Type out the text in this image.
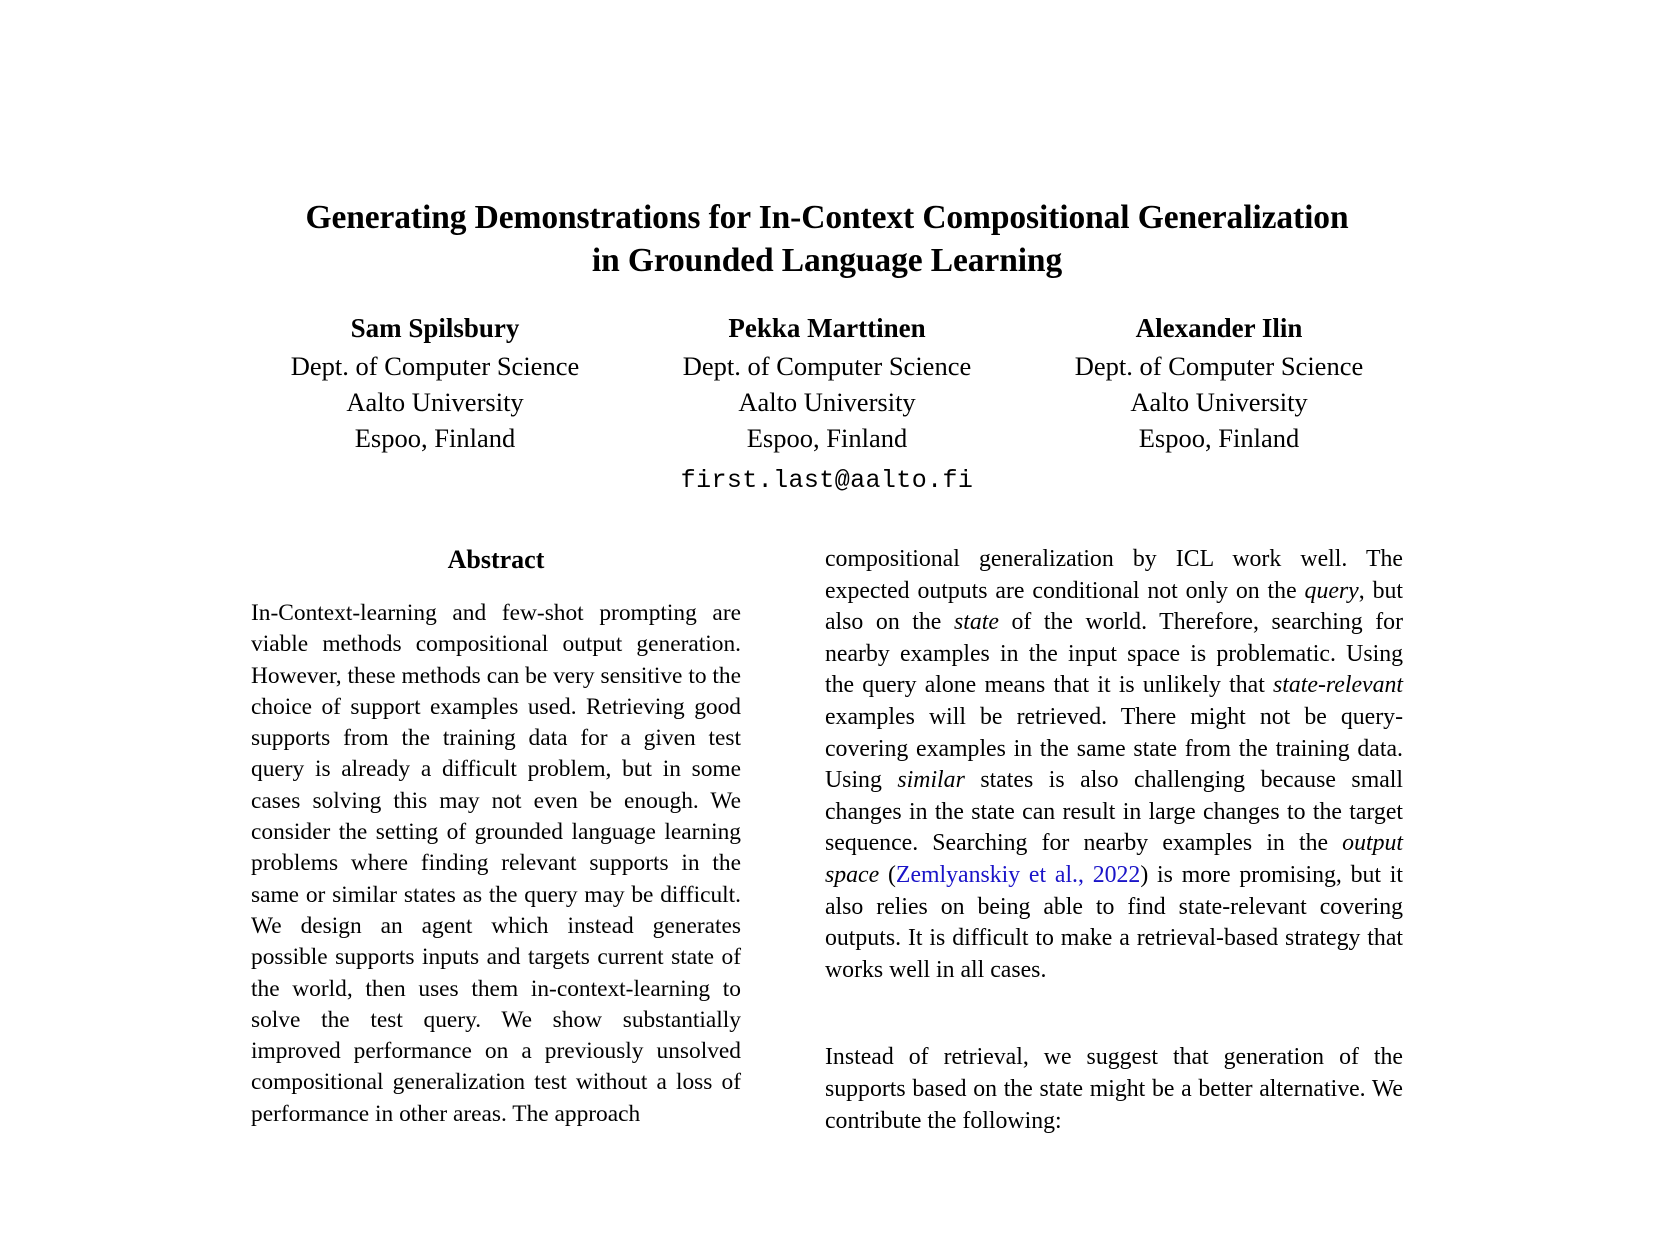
Generating Demonstrations for In-Context Compositional Generalization
in Grounded Language Learning
Sam Spilsbury
Dept. of Computer Science
Aalto University
Espoo, Finland
Pekka Marttinen
Dept. of Computer Science
Aalto University
Espoo, Finland
Alexander Ilin
Dept. of Computer Science
Aalto University
Espoo, Finland
first.last@aalto.fi
Abstract

In-Context-learning and few-shot prompting are viable methods compositional output generation. However, these methods can be very sensitive to the choice of support examples used. Retrieving good supports from the training data for a given test query is already a difficult problem, but in some cases solving this may not even be enough. We consider the setting of grounded language learning problems where finding relevant supports in the same or similar states as the query may be difficult. We design an agent which instead generates possible supports inputs and targets current state of the world, then uses them in-context-learning to solve the test query. We show substantially improved performance on a previously unsolved compositional generalization test without a loss of performance in other areas. The approach

compositional generalization by ICL work well. The expected outputs are conditional not only on the query, but also on the state of the world. Therefore, searching for nearby examples in the input space is problematic. Using the query alone means that it is unlikely that state-relevant examples will be retrieved. There might not be query-covering examples in the same state from the training data. Using similar states is also challenging because small changes in the state can result in large changes to the target sequence. Searching for nearby examples in the output space (Zemlyanskiy et al., 2022) is more promising, but it also relies on being able to find state-relevant covering outputs. It is difficult to make a retrieval-based strategy that works well in all cases.

Instead of retrieval, we suggest that generation of the supports based on the state might be a better alternative. We contribute the following:
